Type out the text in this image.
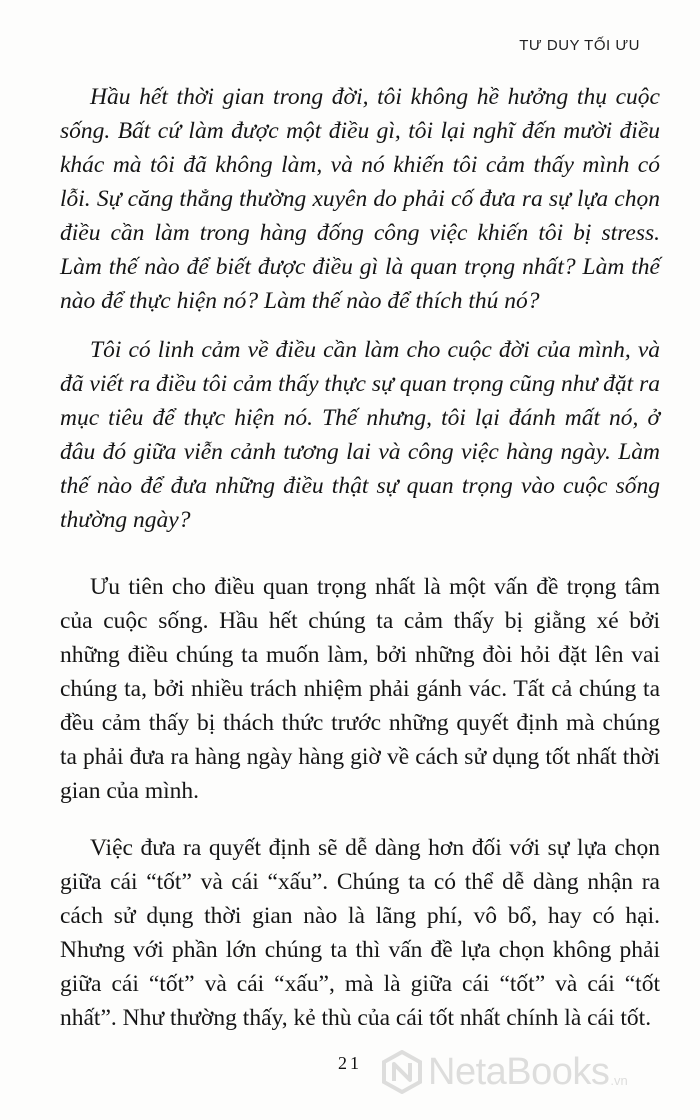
TƯ DUY TỐI ƯU

Hầu hết thời gian trong đời, tôi không hề hưởng thụ cuộc sống. Bất cứ làm được một điều gì, tôi lại nghĩ đến mười điều khác mà tôi đã không làm, và nó khiến tôi cảm thấy mình có lỗi. Sự căng thẳng thường xuyên do phải cố đưa ra sự lựa chọn điều cần làm trong hàng đống công việc khiến tôi bị stress. Làm thế nào để biết được điều gì là quan trọng nhất? Làm thế nào để thực hiện nó? Làm thế nào để thích thú nó?

Tôi có linh cảm về điều cần làm cho cuộc đời của mình, và đã viết ra điều tôi cảm thấy thực sự quan trọng cũng như đặt ra mục tiêu để thực hiện nó. Thế nhưng, tôi lại đánh mất nó, ở đâu đó giữa viễn cảnh tương lai và công việc hàng ngày. Làm thế nào để đưa những điều thật sự quan trọng vào cuộc sống thường ngày?

Ưu tiên cho điều quan trọng nhất là một vấn đề trọng tâm của cuộc sống. Hầu hết chúng ta cảm thấy bị giằng xé bởi những điều chúng ta muốn làm, bởi những đòi hỏi đặt lên vai chúng ta, bởi nhiều trách nhiệm phải gánh vác. Tất cả chúng ta đều cảm thấy bị thách thức trước những quyết định mà chúng ta phải đưa ra hàng ngày hàng giờ về cách sử dụng tốt nhất thời gian của mình.

Việc đưa ra quyết định sẽ dễ dàng hơn đối với sự lựa chọn giữa cái “tốt” và cái “xấu”. Chúng ta có thể dễ dàng nhận ra cách sử dụng thời gian nào là lãng phí, vô bổ, hay có hại. Nhưng với phần lớn chúng ta thì vấn đề lựa chọn không phải giữa cái “tốt” và cái “xấu”, mà là giữa cái “tốt” và cái “tốt nhất”. Như thường thấy, kẻ thù của cái tốt nhất chính là cái tốt.

21 NetaBooks .vn
